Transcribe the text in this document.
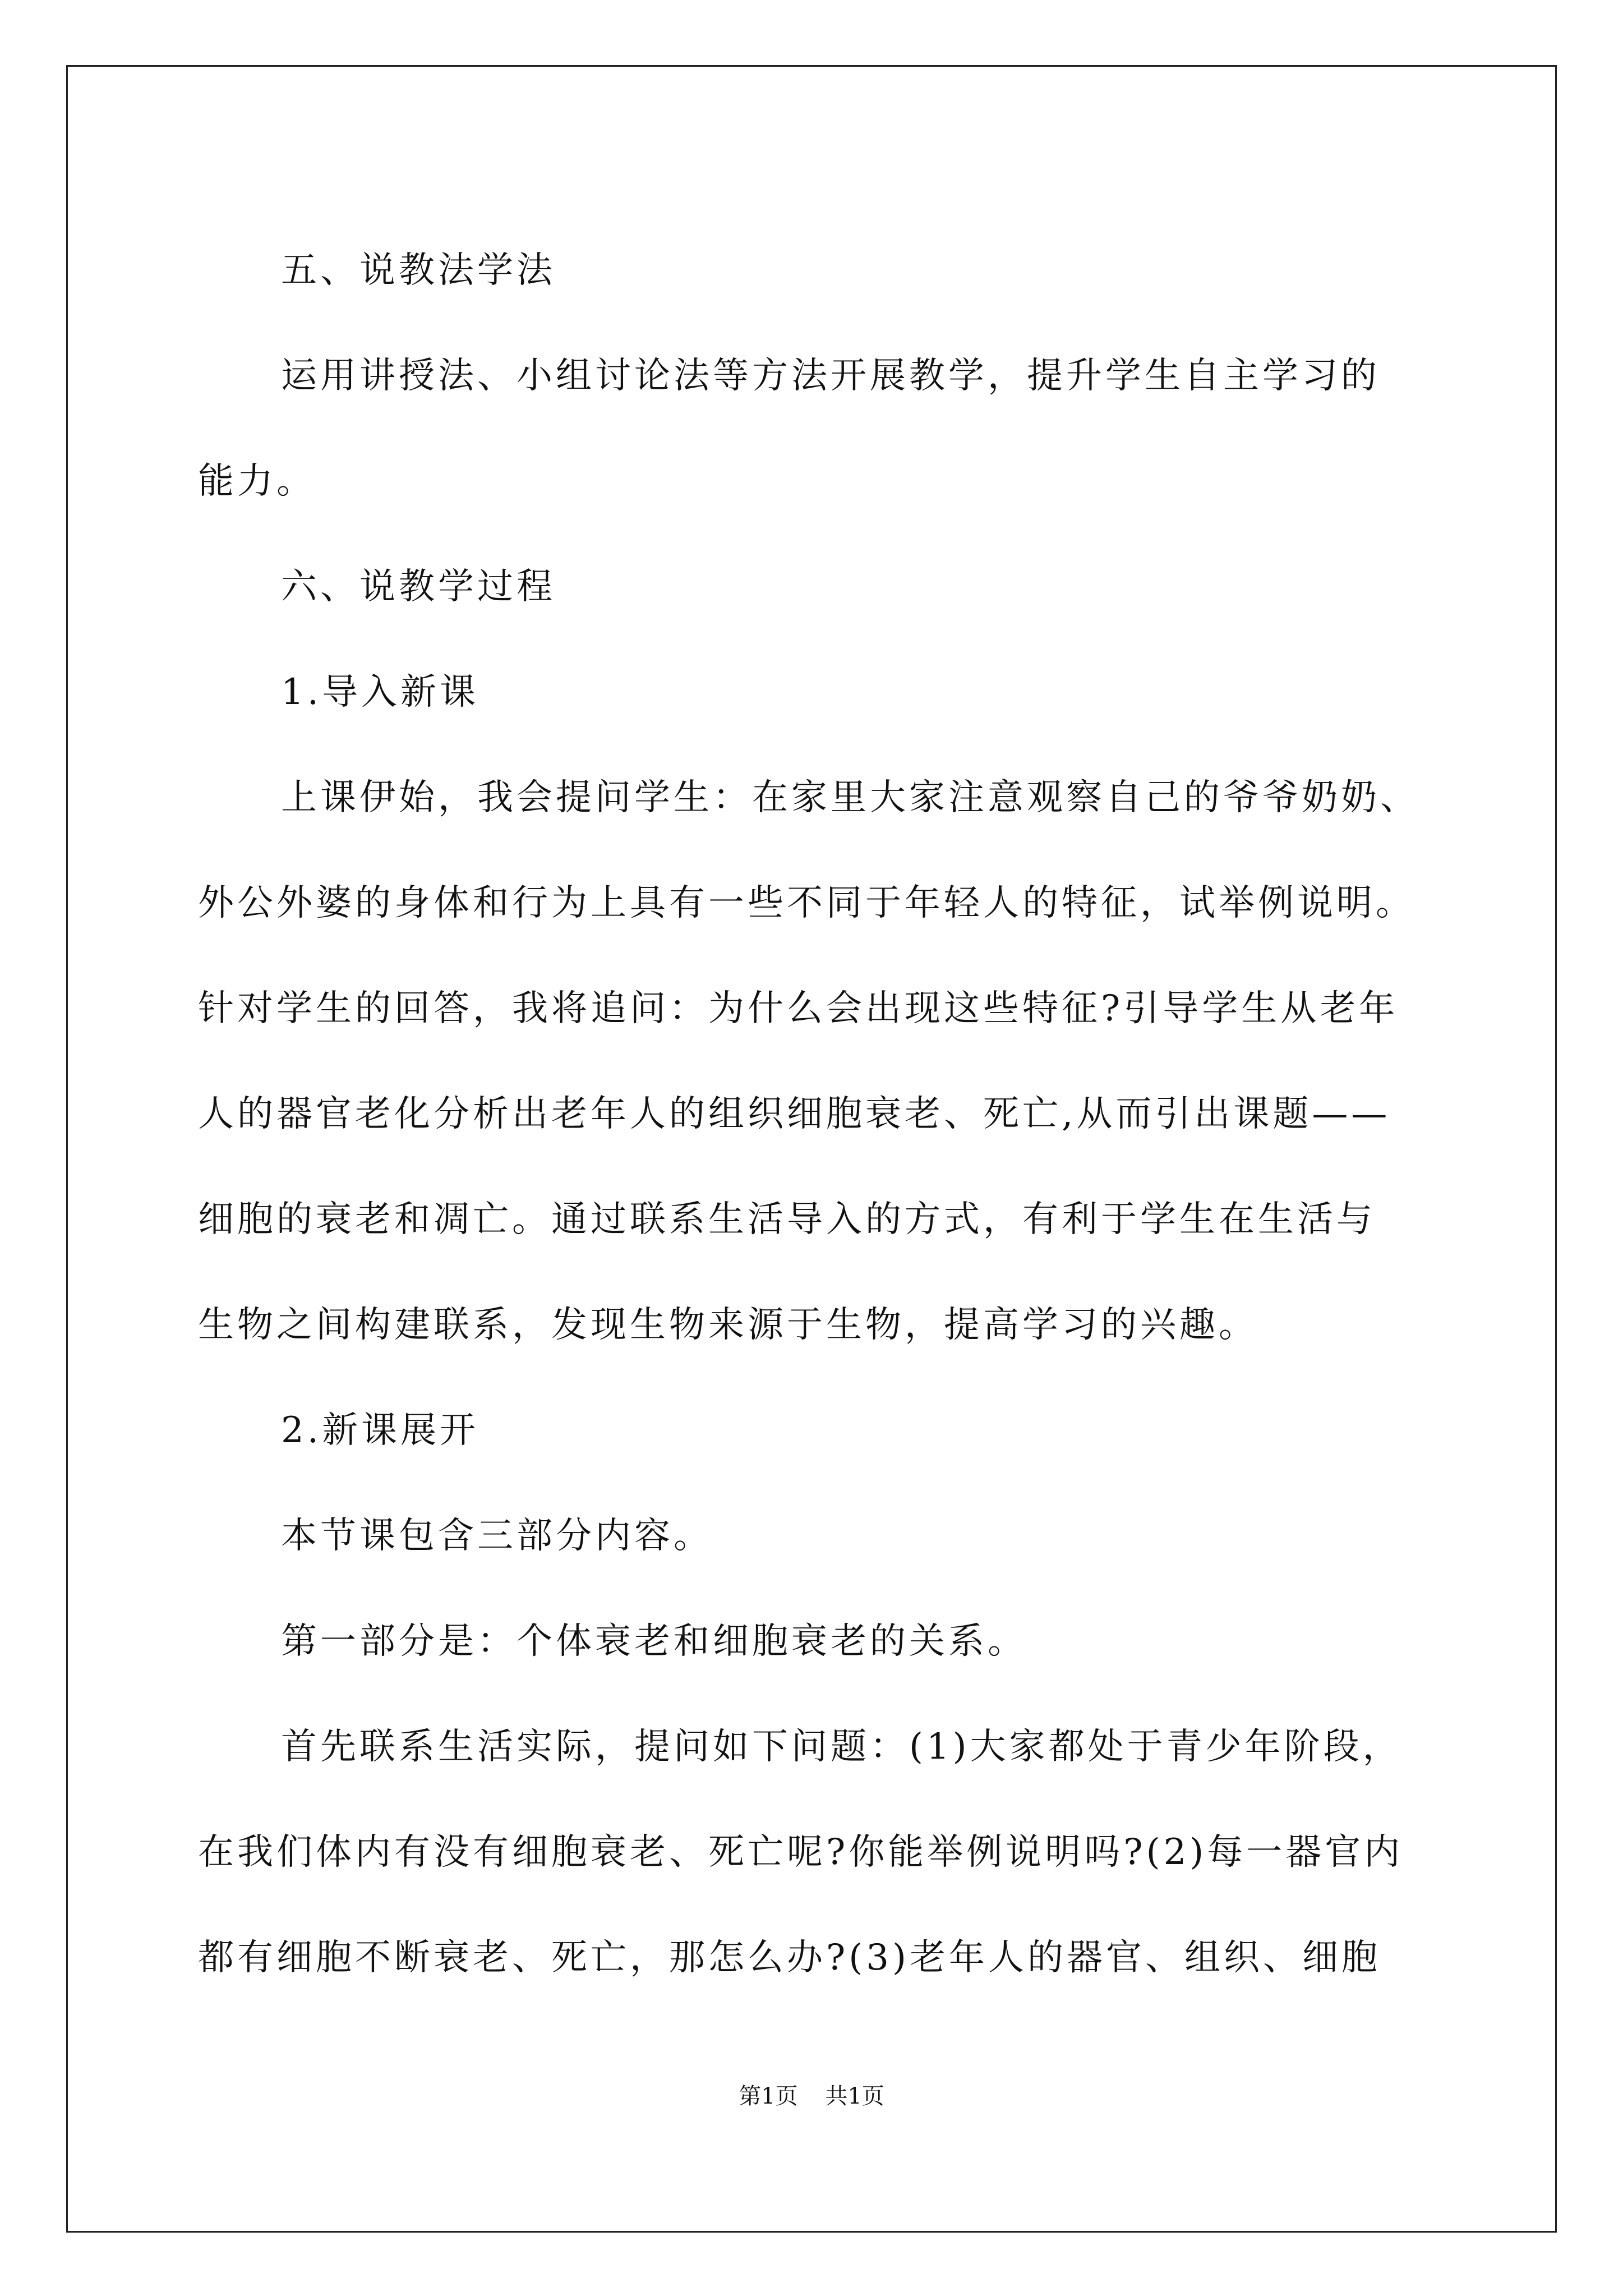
五、说教法学法

运用讲授法、小组讨论法等方法开展教学，提升学生自主学习的

能力。

六、说教学过程

1.导入新课

上课伊始，我会提问学生：在家里大家注意观察自己的爷爷奶奶、

外公外婆的身体和行为上具有一些不同于年轻人的特征，试举例说明。

针对学生的回答，我将追问：为什么会出现这些特征?引导学生从老年

人的器官老化分析出老年人的组织细胞衰老、死亡,从而引出课题——

细胞的衰老和凋亡。通过联系生活导入的方式，有利于学生在生活与

生物之间构建联系，发现生物来源于生物，提高学习的兴趣。

2.新课展开

本节课包含三部分内容。

第一部分是：个体衰老和细胞衰老的关系。

首先联系生活实际，提问如下问题：(1)大家都处于青少年阶段，

在我们体内有没有细胞衰老、死亡呢?你能举例说明吗?(2)每一器官内

都有细胞不断衰老、死亡，那怎么办?(3)老年人的器官、组织、细胞

第1页 共1页
